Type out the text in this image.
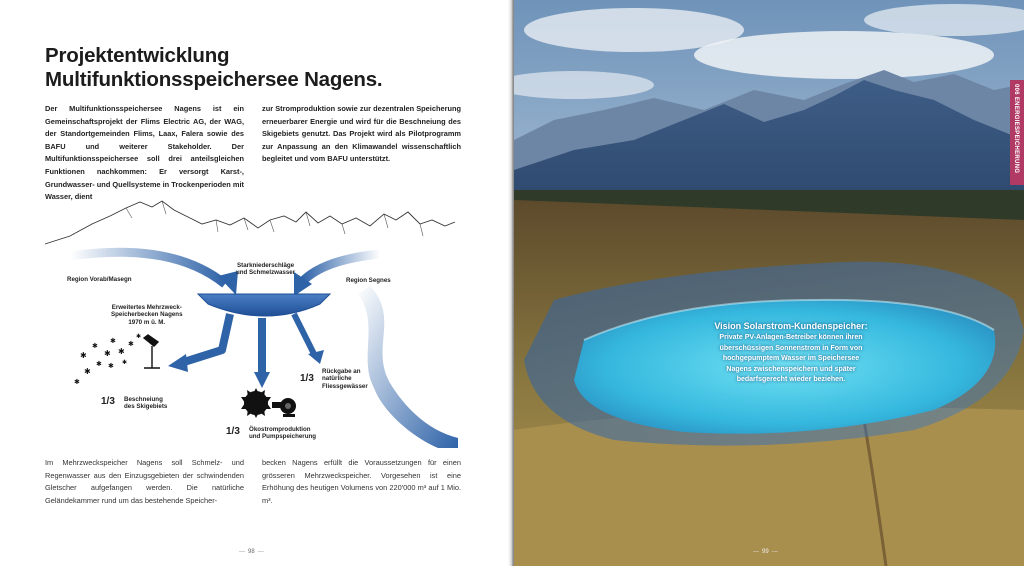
Projektentwicklung
Multifunktionsspeichersee Nagens.

Der Multifunktionsspeichersee Nagens ist ein Gemeinschaftsprojekt der Flims Electric AG, der WAG, der Standortgemeinden Flims, Laax, Falera sowie des BAFU und weiterer Stakeholder. Der Multifunktionsspeichersee soll drei anteilsgleichen Funktionen nachkommen: Er versorgt Karst-, Grundwasser- und Quellsysteme in Trockenperioden mit Wasser, dient

zur Stromproduktion sowie zur dezentralen Speicherung erneuerbarer Energie und wird für die Beschneiung des Skigebiets genutzt. Das Projekt wird als Pilotprogramm zur Anpassung an den Klimawandel wissenschaftlich begleitet und vom BAFU unterstützt.

✱
✱
✱
✱
✱
✱
✱
✱
✱
✱
✱
✱

Region Vorab/Masegn

Starkniederschläge
und Schmelzwasser

Region Segnes

Erweitertes Mehrzweck-
Speicherbecken Nagens
1970 m ü. M.

1/3 Beschneiung
des Skigebiets

1/3 Ökostromproduktion
und Pumpspeicherung

1/3

Rückgabe an
natürliche
Fliessgewässer

Im Mehrzweckspeicher Nagens soll Schmelz- und Regenwasser aus den Einzugsgebieten der schwindenden Gletscher aufgefangen werden. Die natürliche Geländekammer rund um das bestehende Speicher-

becken Nagens erfüllt die Voraussetzungen für einen grösseren Mehrzweckspeicher. Vorgesehen ist eine Erhöhung des heutigen Volumens von 220'000 m³ auf 1 Mio. m³.

— 98 —
006 ENERGIESPEICHERUNG
Vision Solarstrom-Kundenspeicher:

Private PV-Anlagen-Betreiber können ihren
überschüssigen Sonnenstrom in Form von
hochgepumptem Wasser im Speichersee
Nagens zwischenspeichern und später
bedarfsgerecht wieder beziehen.

— 99 —
